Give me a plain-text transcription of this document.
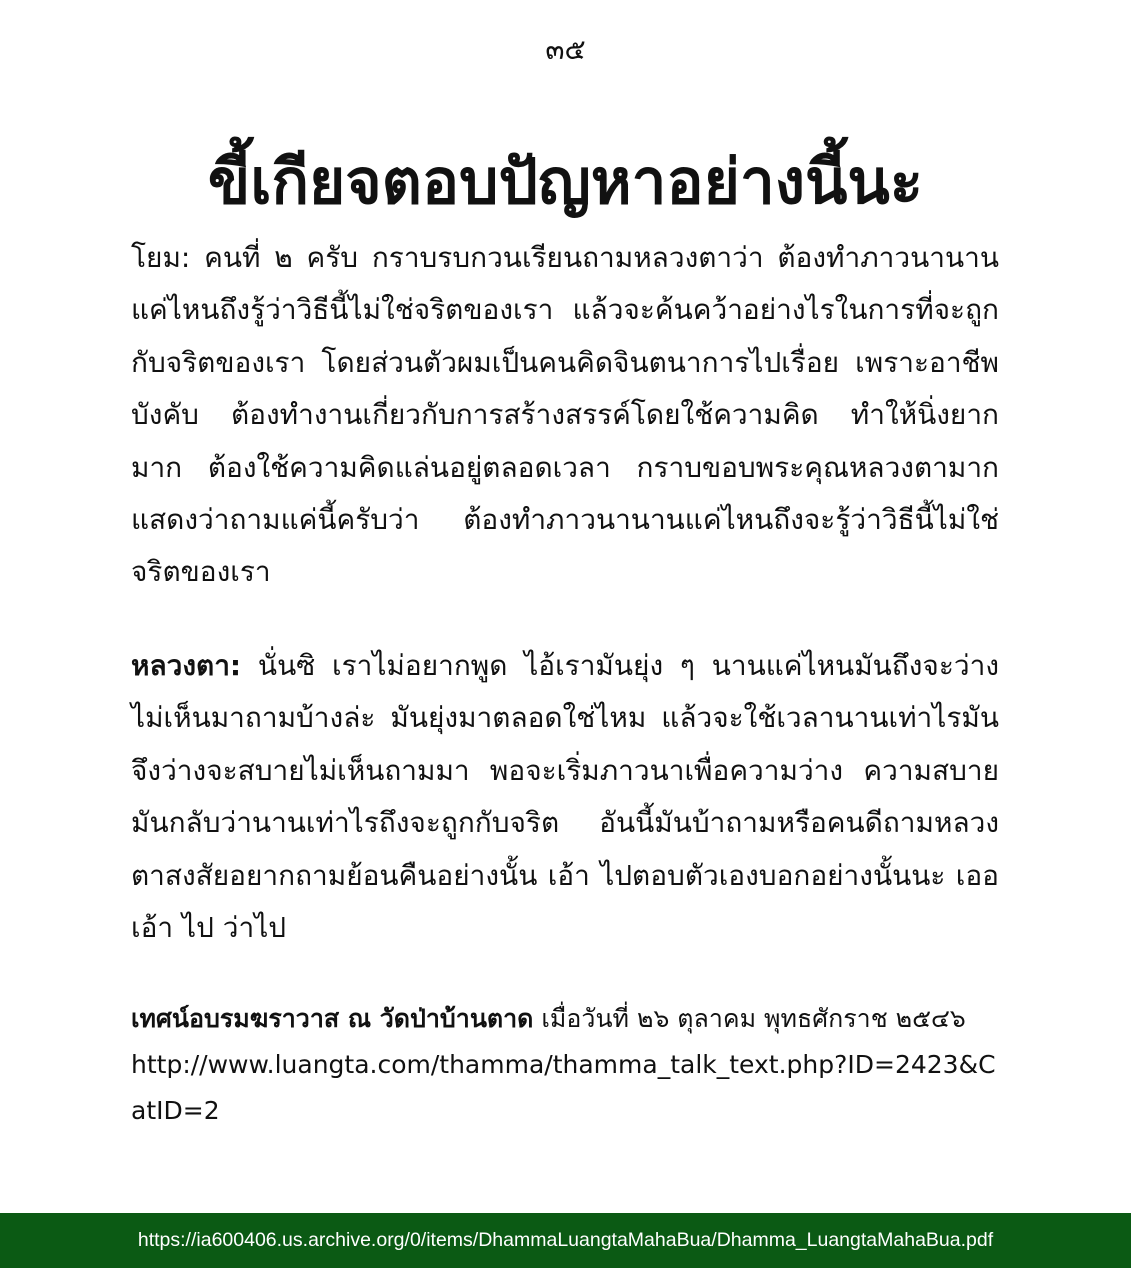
๓๕
ขี้เกียจตอบปัญหาอย่างนี้นะ

โยม: คนที่ ๒ ครับ กราบรบกวนเรียนถามหลวงตาว่า ต้องทำภาวนานานแค่ไหนถึงรู้ว่าวิธีนี้ไม่ใช่จริตของเรา แล้วจะค้นคว้าอย่างไรในการที่จะถูกกับจริตของเรา โดยส่วนตัวผมเป็นคนคิดจินตนาการไปเรื่อย เพราะอาชีพบังคับ ต้องทำงานเกี่ยวกับการสร้างสรรค์โดยใช้ความคิด ทำให้นิ่งยากมาก ต้องใช้ความคิดแล่นอยู่ตลอดเวลา กราบขอบพระคุณหลวงตามาก แสดงว่าถามแค่นี้ครับว่า ต้องทำภาวนานานแค่ไหนถึงจะรู้ว่าวิธีนี้ไม่ใช่จริตของเรา

หลวงตา: นั่นซิ เราไม่อยากพูด ไอ้เรามันยุ่ง ๆ นานแค่ไหนมันถึงจะว่าง ไม่เห็นมาถามบ้างล่ะ มันยุ่งมาตลอดใช่ไหม แล้วจะใช้เวลานานเท่าไรมันจึงว่างจะสบายไม่เห็นถามมา พอจะเริ่มภาวนาเพื่อความว่าง ความสบาย มันกลับว่านานเท่าไรถึงจะถูกกับจริต อันนี้มันบ้าถามหรือคนดีถามหลวงตาสงสัยอยากถามย้อนคืนอย่างนั้น เอ้า ไปตอบตัวเองบอกอย่างนั้นนะ เออ เอ้า ไป ว่าไป

เทศน์อบรมฆราวาส ณ วัดป่าบ้านตาด เมื่อวันที่ ๒๖ ตุลาคม พุทธศักราช ๒๕๔๖
http://www.luangta.com/thamma/thamma_talk_text.php?ID=2423&CatID=2

https://ia600406.us.archive.org/0/items/DhammaLuangtaMahaBua/Dhamma_LuangtaMahaBua.pdf
